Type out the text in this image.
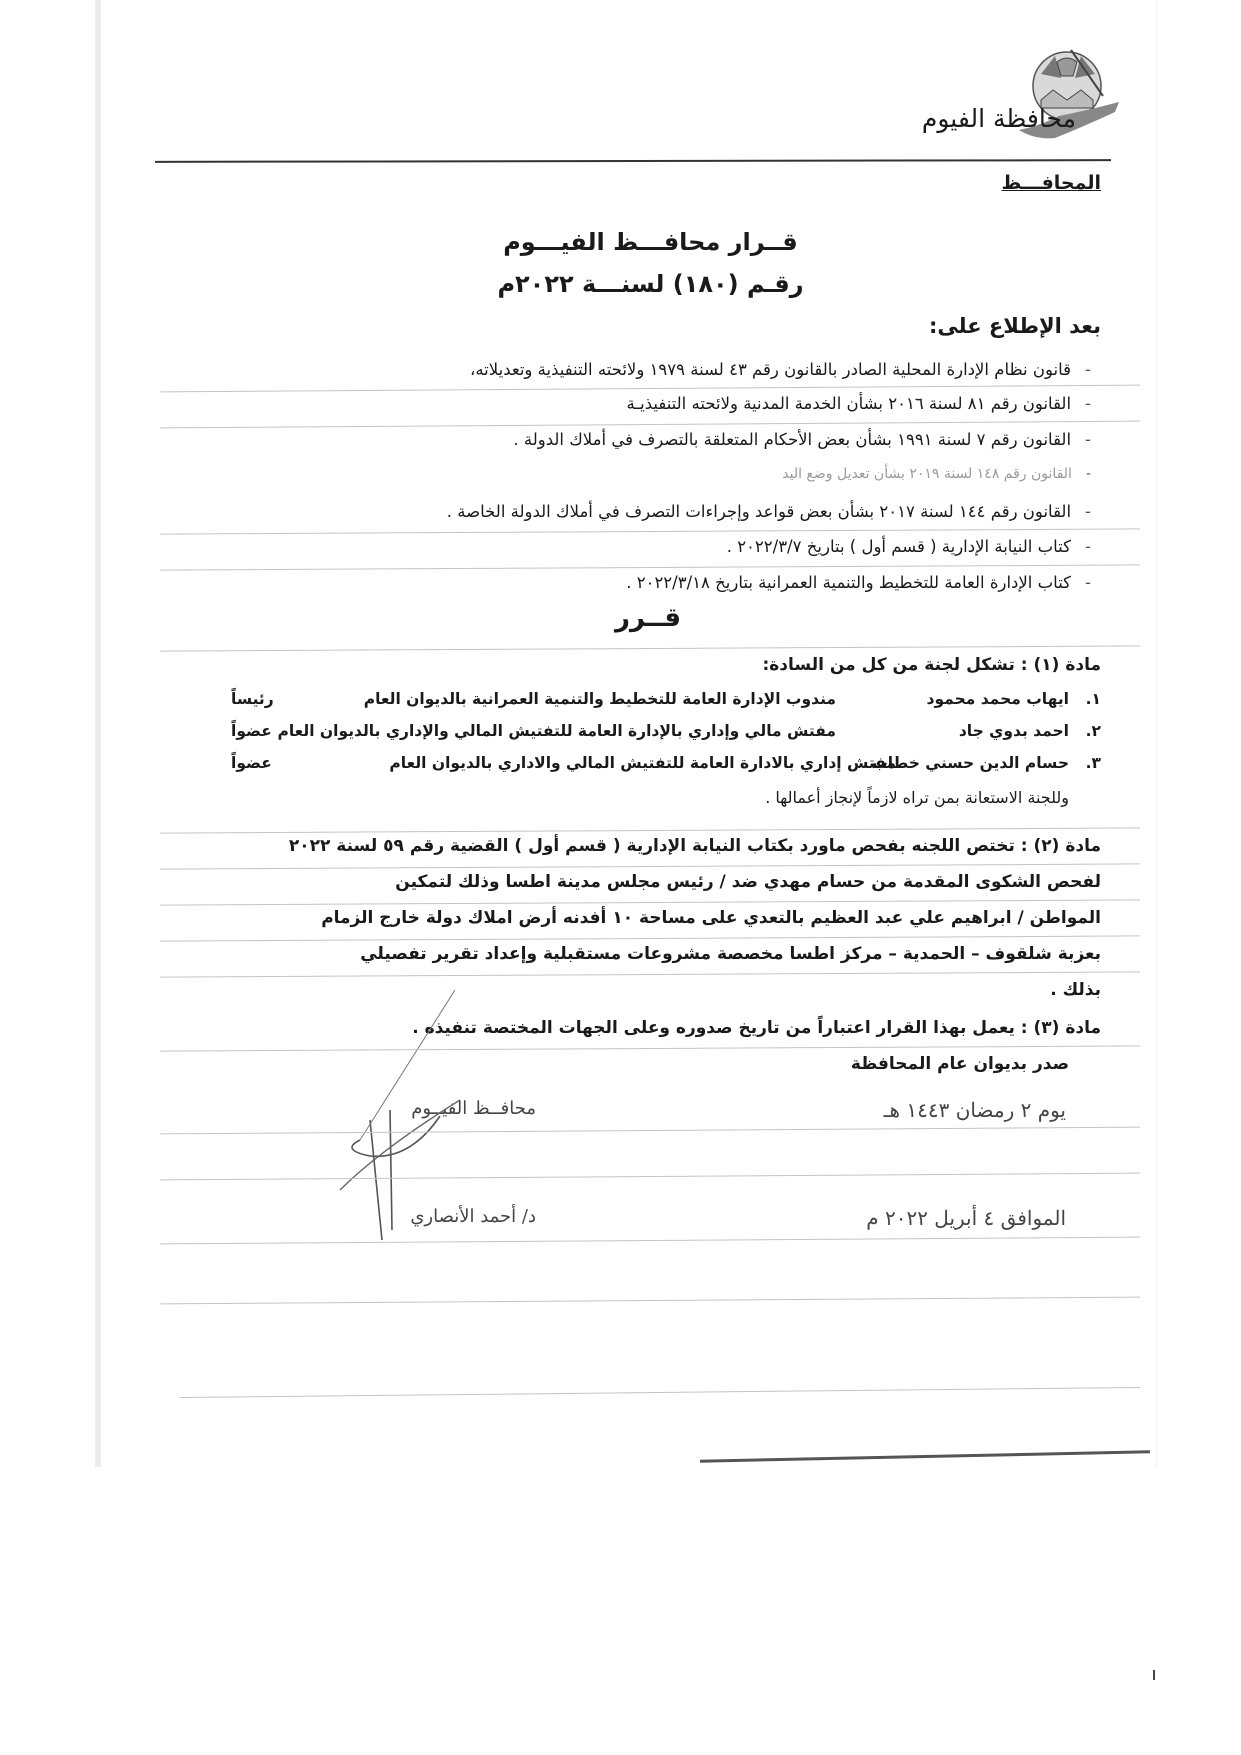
محافظة الفيوم
المحافـــظ
قــرار محافـــظ الفيـــوم
رقـم (١٨٠) لسنـــة ٢٠٢٢م
بعد الإطلاع على:
-قانون نظام الإدارة المحلية الصادر بالقانون رقم ٤٣ لسنة ١٩٧٩ ولائحته التنفيذية وتعديلاته،
-القانون رقم ٨١ لسنة ٢٠١٦ بشأن الخدمة المدنية ولائحته التنفيذيـة
-القانون رقم ٧ لسنة ١٩٩١ بشأن بعض الأحكام المتعلقة بالتصرف في أملاك الدولة .
-القانون رقم ١٤٨ لسنة ٢٠١٩ بشأن تعديل وضع اليد
-القانون رقم ١٤٤ لسنة ٢٠١٧ بشأن بعض قواعد وإجراءات التصرف في أملاك الدولة الخاصة .
-كتاب النيابة الإدارية ( قسم أول ) بتاريخ ٢٠٢٢/٣/٧ .
-كتاب الإدارة العامة للتخطيط والتنمية العمرانية بتاريخ ٢٠٢٢/٣/١٨ .
قــرر
مادة (١) : تشكل لجنة من كل من السادة:
١.
ايهاب محمد محمود
مندوب الإدارة العامة للتخطيط والتنمية العمرانية بالديوان العام
رئيساً
٢.
احمد بدوي جاد
مفتش مالي وإداري بالإدارة العامة للتفتيش المالي والإداري بالديوان العام
عضواً
٣.
حسام الدين حسني خطاب
مفتش إداري بالادارة العامة للتفتيش المالي والاداري بالديوان العام
عضواً
وللجنة الاستعانة بمن تراه لازماً لإنجاز أعمالها .
مادة (٢) : تختص اللجنه بفحص ماورد بكتاب النيابة الإدارية ( قسم أول ) القضية رقم ٥٩ لسنة ٢٠٢٢
لفحص الشكوى المقدمة من حسام مهدي ضد / رئيس مجلس مدينة اطسا وذلك لتمكين
المواطن / ابراهيم علي عبد العظيم بالتعدي على مساحة ١٠ أفدنه أرض املاك دولة خارج الزمام
بعزبة شلقوف – الحمدية – مركز اطسا مخصصة مشروعات مستقبلية وإعداد تقرير تفصيلي
بذلك .
مادة (٣) : يعمل بهذا القرار اعتباراً من تاريخ صدوره وعلى الجهات المختصة تنفيذه .
صدر بديوان عام المحافظة
يوم ٢ رمضان ١٤٤٣ هـ
محافــظ الفيــوم
الموافق ٤ أبريل ٢٠٢٢ م
د/ أحمد الأنصاري
